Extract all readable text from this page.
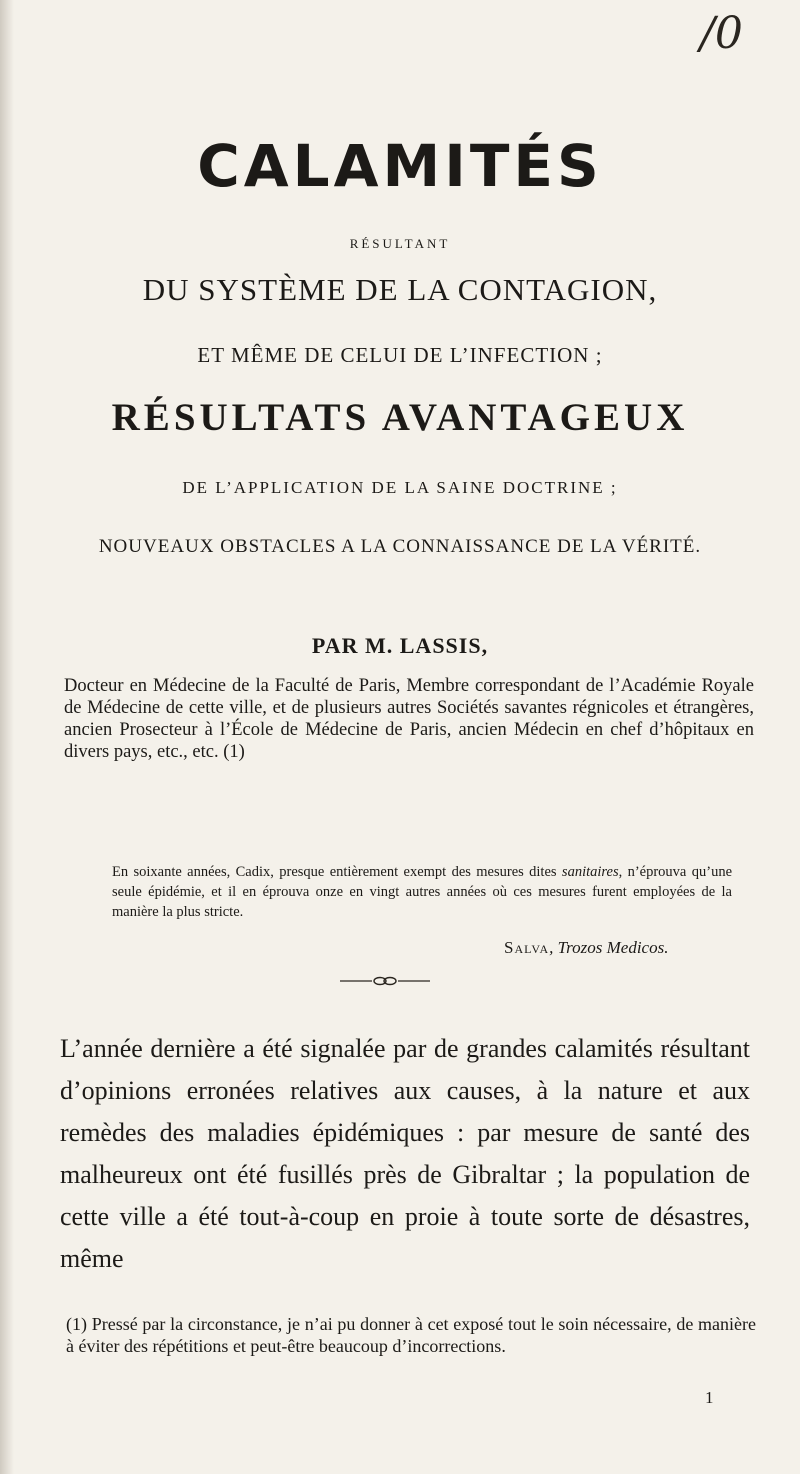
/0
CALAMITÉS
RÉSULTANT
DU SYSTÈME DE LA CONTAGION,
ET MÊME DE CELUI DE L’INFECTION ;
RÉSULTATS AVANTAGEUX
DE L’APPLICATION DE LA SAINE DOCTRINE ;
NOUVEAUX OBSTACLES A LA CONNAISSANCE DE LA VÉRITÉ.
PAR M. LASSIS,
Docteur en Médecine de la Faculté de Paris, Membre correspondant de l’Académie Royale de Médecine de cette ville, et de plusieurs autres Sociétés savantes régnicoles et étrangères, ancien Prosecteur à l’École de Médecine de Paris, ancien Médecin en chef d’hôpitaux en divers pays, etc., etc. (1)
En soixante années, Cadix, presque entièrement exempt des mesures dites sanitaires, n’éprouva qu’une seule épidémie, et il en éprouva onze en vingt autres années où ces mesures furent employées de la manière la plus stricte.
Salva, Trozos Medicos.
L’année dernière a été signalée par de grandes calamités résultant d’opinions erronées relatives aux causes, à la nature et aux remèdes des maladies épidémiques : par mesure de santé des malheureux ont été fusillés près de Gibraltar ; la population de cette ville a été tout-à-coup en proie à toute sorte de désastres, même
(1) Pressé par la circonstance, je n’ai pu donner à cet exposé tout le soin nécessaire, de manière à éviter des répétitions et peut-être beaucoup d’incorrections.
1
